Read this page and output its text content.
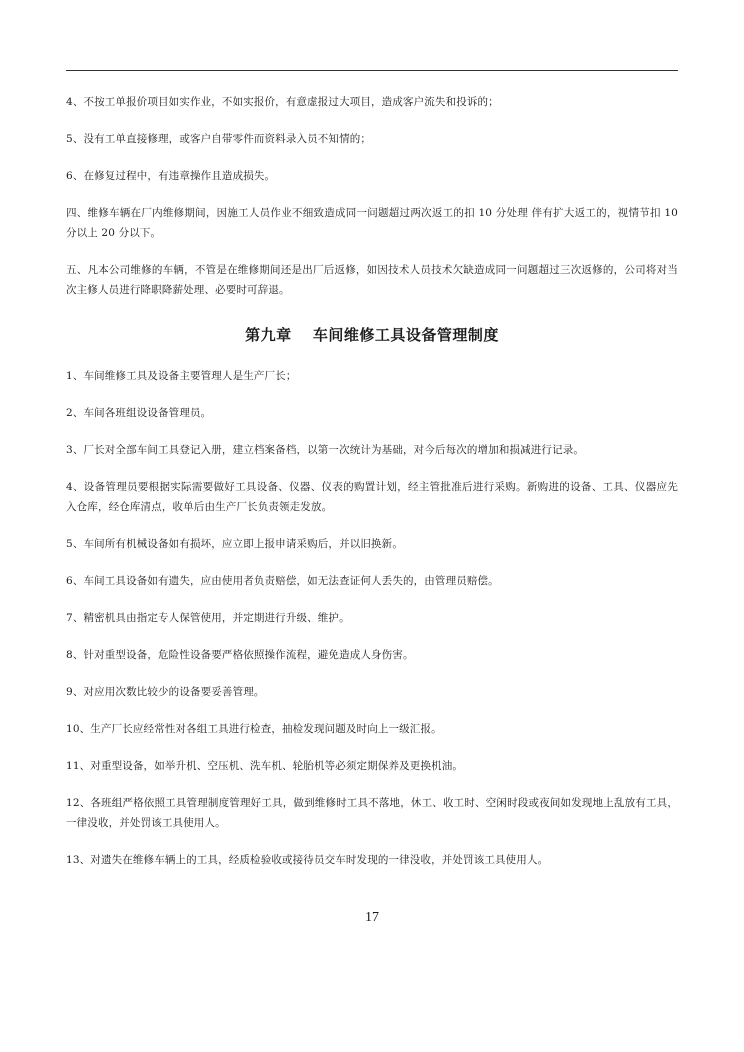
4、不按工单报价项目如实作业，不如实报价，有意虚报过大项目，造成客户流失和投诉的；

5、没有工单直接修理，或客户自带零件而资料录入员不知情的；

6、在修复过程中，有违章操作且造成损失。

四、维修车辆在厂内维修期间，因施工人员作业不细致造成同一问题超过两次返工的扣 10 分处理 伴有扩大返工的，视情节扣 10 分以上 20 分以下。

五、凡本公司维修的车辆，不管是在维修期间还是出厂后返修，如因技术人员技术欠缺造成同一问题超过三次返修的，公司将对当次主修人员进行降职降薪处理、必要时可辞退。

第九章　 车间维修工具设备管理制度

1、车间维修工具及设备主要管理人是生产厂长；

2、车间各班组设设备管理员。

3、厂长对全部车间工具登记入册，建立档案备档，以第一次统计为基础，对今后每次的增加和损减进行记录。

4、设备管理员要根据实际需要做好工具设备、仪器、仪表的购置计划，经主管批准后进行采购。新购进的设备、工具、仪器应先入仓库，经仓库清点，收单后由生产厂长负责领走发放。

5、车间所有机械设备如有损坏，应立即上报申请采购后，并以旧换新。

6、车间工具设备如有遗失，应由使用者负责赔偿，如无法查证何人丢失的，由管理员赔偿。

7、精密机具由指定专人保管使用，并定期进行升级、维护。

8、针对重型设备，危险性设备要严格依照操作流程，避免造成人身伤害。

9、对应用次数比较少的设备要妥善管理。

10、生产厂长应经常性对各组工具进行检查，抽检发现问题及时向上一级汇报。

11、对重型设备，如举升机、空压机、洗车机、轮胎机等必须定期保养及更换机油。

12、各班组严格依照工具管理制度管理好工具，做到维修时工具不落地，休工、收工时、空闲时段或夜间如发现地上乱放有工具，一律没收，并处罚该工具使用人。

13、对遗失在维修车辆上的工具，经质检验收或接待员交车时发现的一律没收，并处罚该工具使用人。

17
